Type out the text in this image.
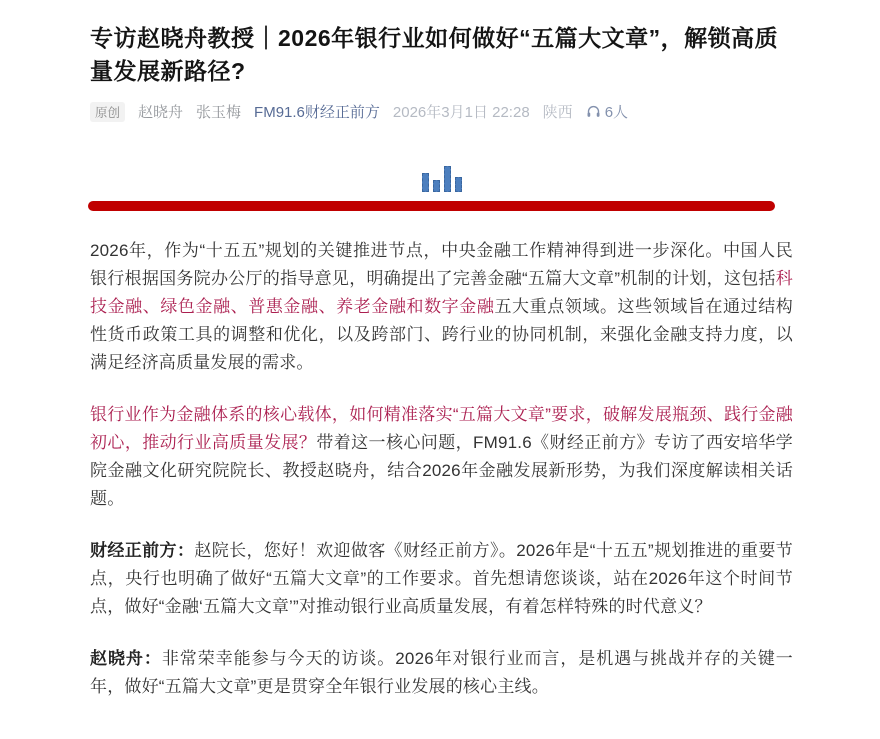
专访赵晓舟教授｜2026年银行业如何做好“五篇大文章”，解锁高质量发展新路径?
原创	赵晓舟 张玉梅 FM91.6财经正前方 2026年3月1日 22:28 陕西 6人

2026年，作为“十五五”规划的关键推进节点，中央金融工作精神得到进一步深化。中国人民银行根据国务院办公厅的指导意见，明确提出了完善金融“五篇大文章”机制的计划，这包括科技金融、绿色金融、普惠金融、养老金融和数字金融五大重点领域。这些领域旨在通过结构性货币政策工具的调整和优化，以及跨部门、跨行业的协同机制，来强化金融支持力度，以满足经济高质量发展的需求。

银行业作为金融体系的核心载体，如何精准落实“五篇大文章”要求，破解发展瓶颈、践行金融初心，推动行业高质量发展？带着这一核心问题，FM91.6《财经正前方》专访了西安培华学院金融文化研究院院长、教授赵晓舟，结合2026年金融发展新形势，为我们深度解读相关话题。

财经正前方：赵院长，您好！欢迎做客《财经正前方》。2026年是“十五五”规划推进的重要节点，央行也明确了做好“五篇大文章”的工作要求。首先想请您谈谈，站在2026年这个时间节点，做好“金融‘五篇大文章’”对推动银行业高质量发展，有着怎样特殊的时代意义？

赵晓舟：非常荣幸能参与今天的访谈。2026年对银行业而言，是机遇与挑战并存的关键一年，做好“五篇大文章”更是贯穿全年银行业发展的核心主线。
